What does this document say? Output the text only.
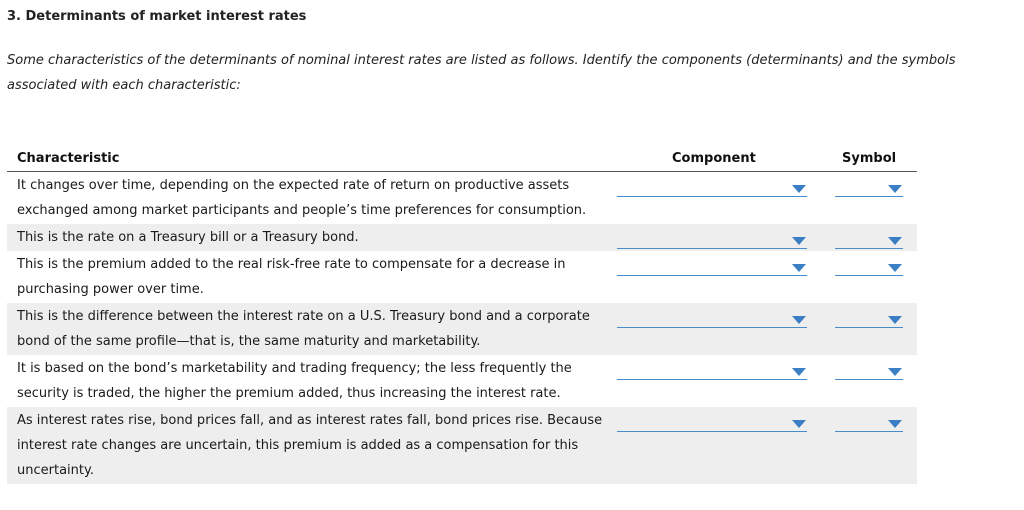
3. Determinants of market interest rates
Some characteristics of the determinants of nominal interest rates are listed as follows. Identify the components (determinants) and the symbols associated with each characteristic:
Characteristic	Component	Symbol
It changes over time, depending on the expected rate of return on productive assets exchanged among market participants and people’s time preferences for consumption.
This is the rate on a Treasury bill or a Treasury bond.
This is the premium added to the real risk-free rate to compensate for a decrease in purchasing power over time.
This is the difference between the interest rate on a U.S. Treasury bond and a corporate bond of the same profile—that is, the same maturity and marketability.
It is based on the bond’s marketability and trading frequency; the less frequently the security is traded, the higher the premium added, thus increasing the interest rate.
As interest rates rise, bond prices fall, and as interest rates fall, bond prices rise. Because interest rate changes are uncertain, this premium is added as a compensation for this uncertainty.
